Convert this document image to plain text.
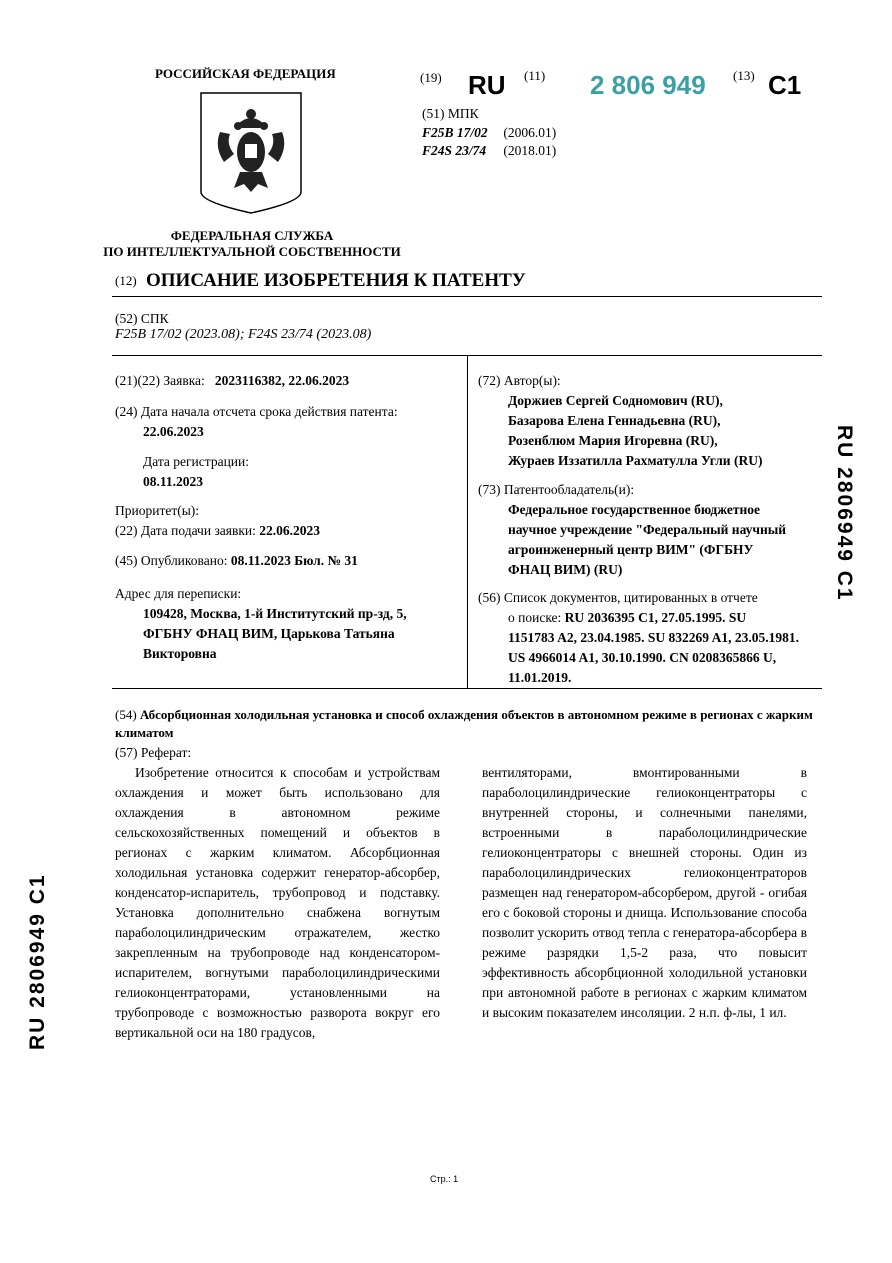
РОССИЙСКАЯ ФЕДЕРАЦИЯ
ФЕДЕРАЛЬНАЯ СЛУЖБА
ПО ИНТЕЛЛЕКТУАЛЬНОЙ СОБСТВЕННОСТИ
(19) RU (11) 2 806 949 (13) C1
(51) МПК
F25B 17/02 (2006.01)
F24S 23/74 (2018.01)
(12) ОПИСАНИЕ ИЗОБРЕТЕНИЯ К ПАТЕНТУ
(52) СПК
F25B 17/02 (2023.08); F24S 23/74 (2023.08)
(21)(22) Заявка: 2023116382, 22.06.2023
(24) Дата начала отсчета срока действия патента:
22.06.2023
Дата регистрации:
08.11.2023
Приоритет(ы):
(22) Дата подачи заявки: 22.06.2023
(45) Опубликовано: 08.11.2023 Бюл. № 31
Адрес для переписки:
109428, Москва, 1-й Институтский пр-зд, 5,
ФГБНУ ФНАЦ ВИМ, Царькова Татьяна
Викторовна
(72) Автор(ы):
Доржиев Сергей Содномович (RU),
Базарова Елена Геннадьевна (RU),
Розенблюм Мария Игоревна (RU),
Жураев Иззатилла Рахматулла Угли (RU)
(73) Патентообладатель(и):
Федеральное государственное бюджетное
научное учреждение "Федеральный научный
агроинженерный центр ВИМ" (ФГБНУ
ФНАЦ ВИМ) (RU)
(56) Список документов, цитированных в отчете
о поиске: RU 2036395 C1, 27.05.1995. SU
1151783 A2, 23.04.1985. SU 832269 A1, 23.05.1981.
US 4966014 A1, 30.10.1990. CN 0208365866 U,
11.01.2019.
RU 2806949 C1
RU 2806949 C1
(54) Абсорбционная холодильная установка и способ охлаждения объектов в автономном режиме в регионах с жарким климатом
(57) Реферат:
Изобретение относится к способам и устройствам охлаждения и может быть использовано для охлаждения в автономном режиме сельскохозяйственных помещений и объектов в регионах с жарким климатом. Абсорбционная холодильная установка содержит генератор-абсорбер, конденсатор-испаритель, трубопровод и подставку. Установка дополнительно снабжена вогнутым параболоцилиндрическим отражателем, жестко закрепленным на трубопроводе над конденсатором-испарителем, вогнутыми параболоцилиндрическими гелиоконцентраторами, установленными на трубопроводе с возможностью разворота вокруг его вертикальной оси на 180 градусов,
вентиляторами, вмонтированными в параболоцилиндрические гелиоконцентраторы с внутренней стороны, и солнечными панелями, встроенными в параболоцилиндрические гелиоконцентраторы с внешней стороны. Один из параболоцилиндрических гелиоконцентраторов размещен над генератором-абсорбером, другой - огибая его с боковой стороны и днища. Использование способа позволит ускорить отвод тепла с генератора-абсорбера в режиме разрядки 1,5-2 раза, что повысит эффективность абсорбционной холодильной установки при автономной работе в регионах с жарким климатом и высоким показателем инсоляции. 2 н.п. ф-лы, 1 ил.
Стр.: 1
